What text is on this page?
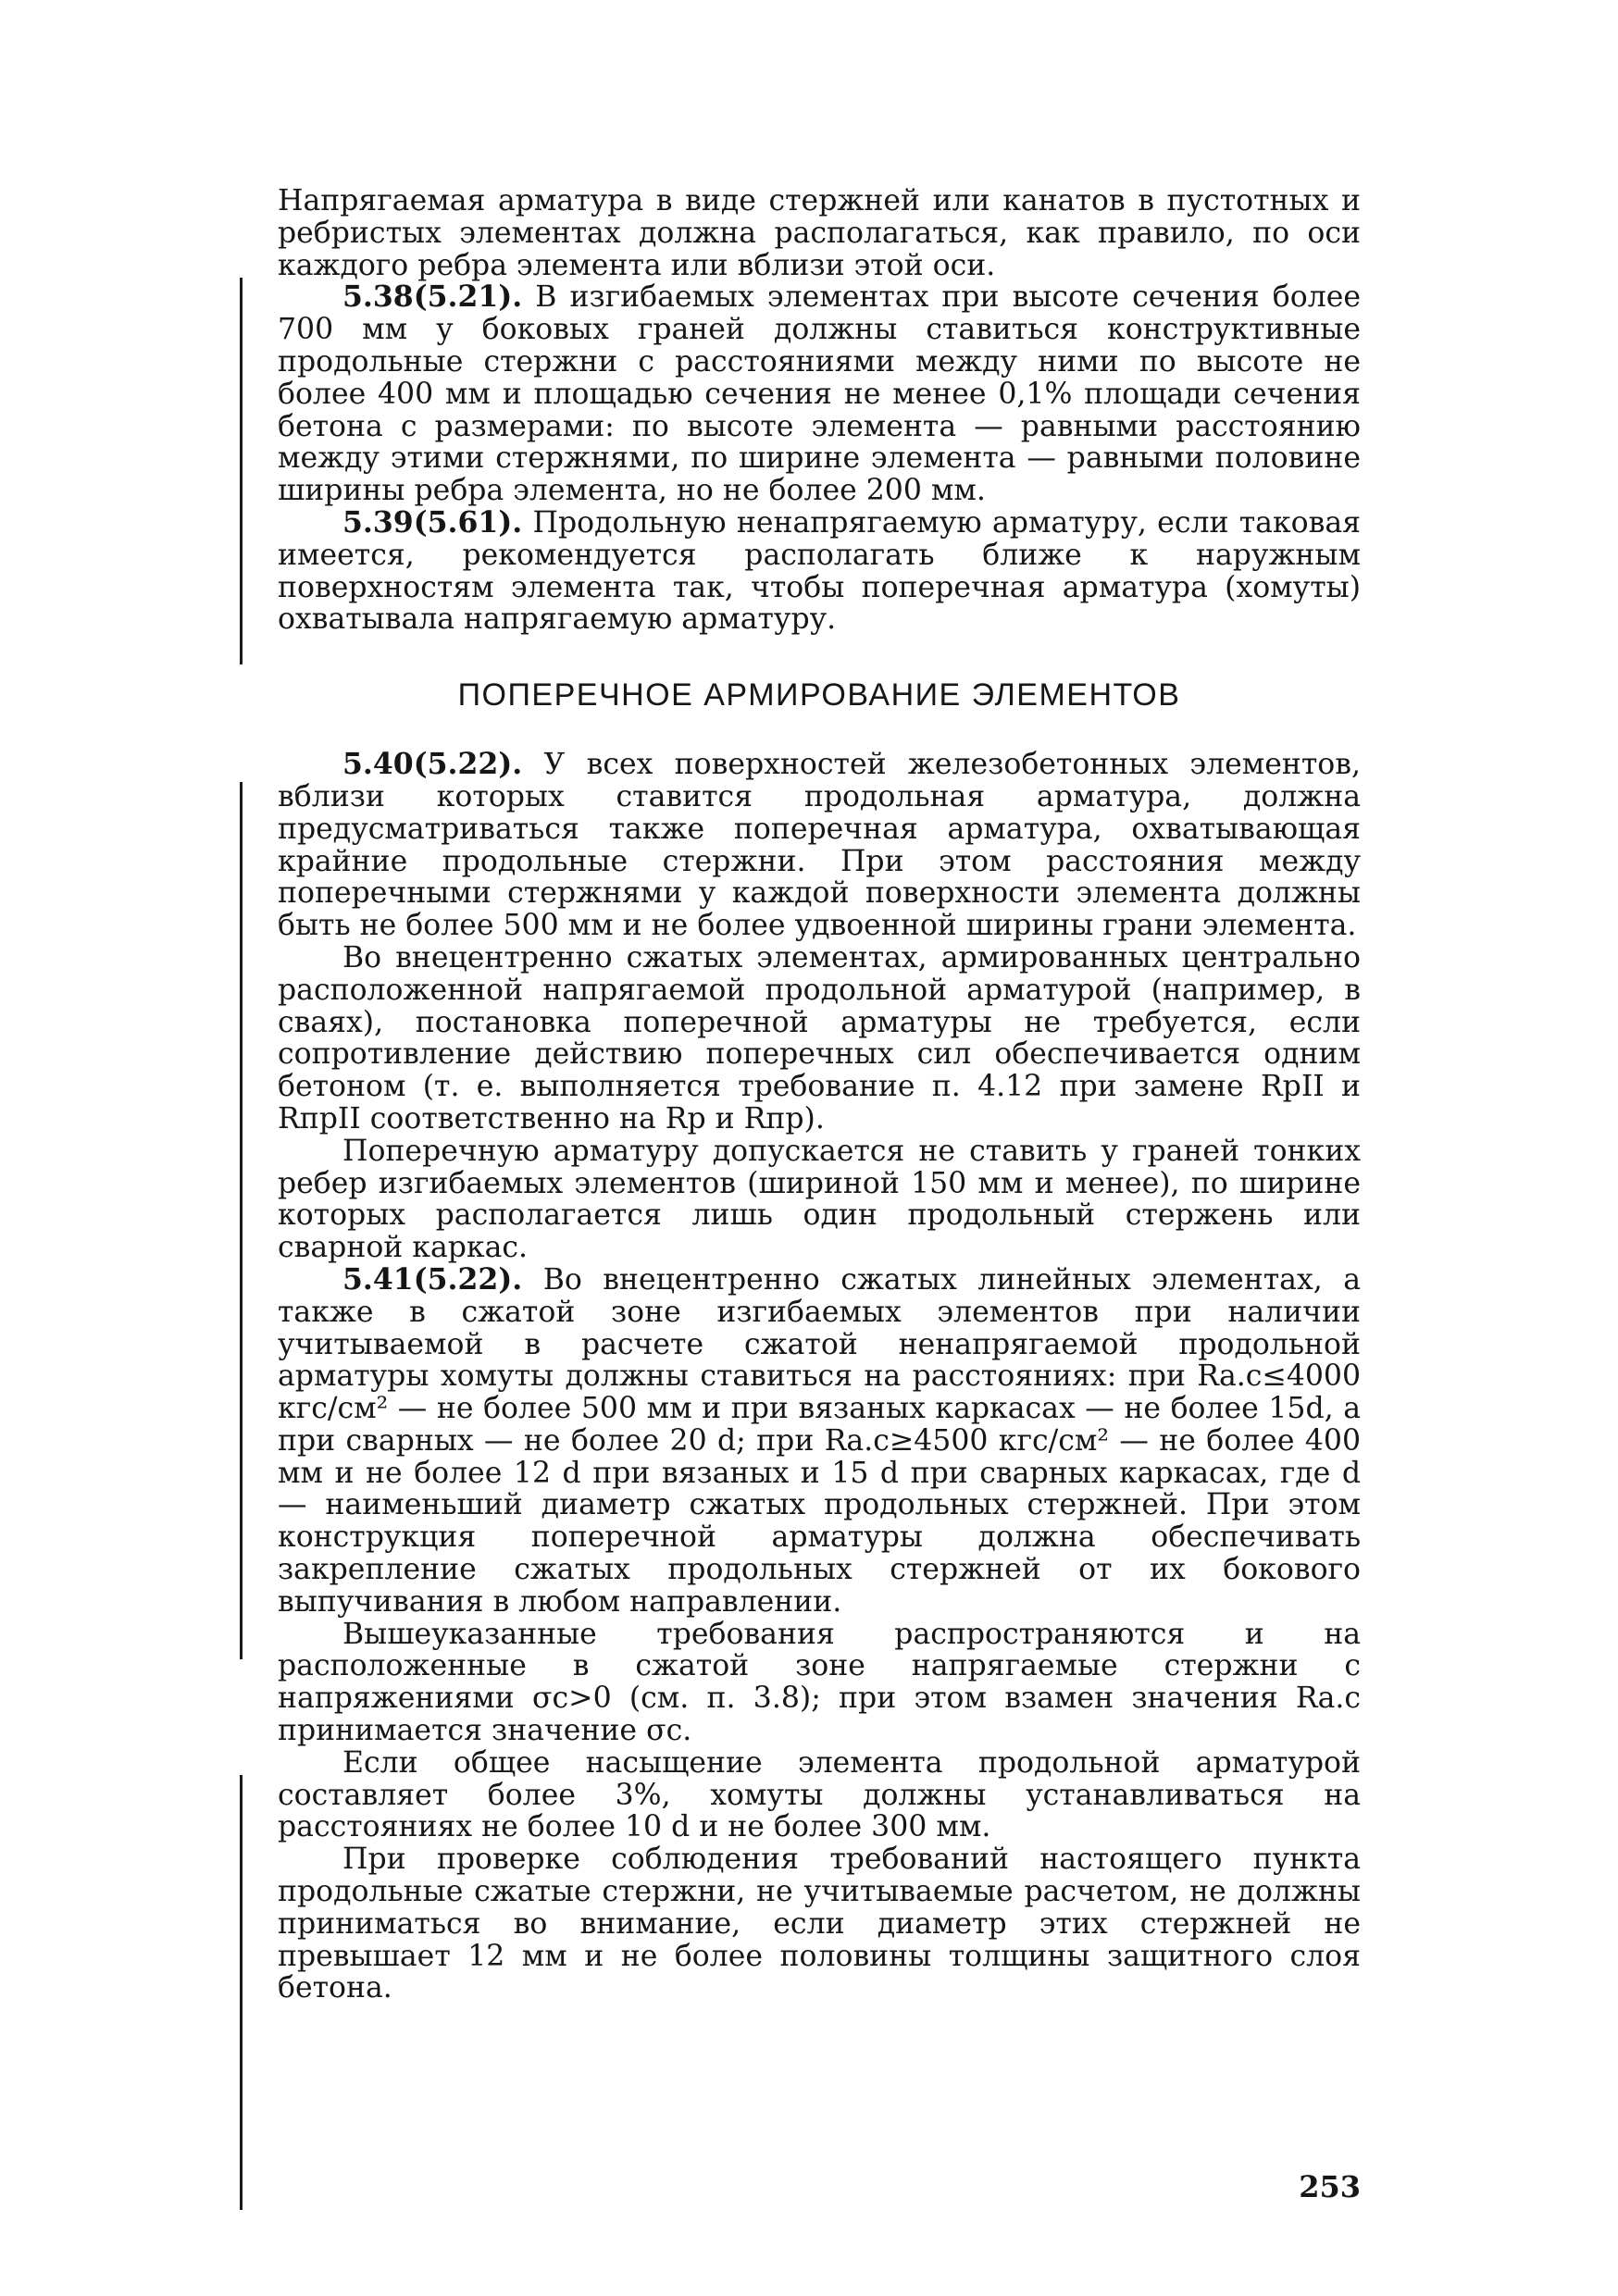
Напрягаемая арматура в виде стержней или канатов в пустотных и ребристых элементах должна располагаться, как правило, по оси каждого ребра элемента или вблизи этой оси.

5.38(5.21). В изгибаемых элементах при высоте сечения более 700 мм у боковых граней должны ставиться конструктивные продольные стержни с расстояниями между ними по высоте не более 400 мм и площадью сечения не менее 0,1% площади сечения бетона с размерами: по высоте элемента — равными расстоянию между этими стержнями, по ширине элемента — равными половине ширины ребра элемента, но не более 200 мм.

5.39(5.61). Продольную ненапрягаемую арматуру, если таковая имеется, рекомендуется располагать ближе к наружным поверхностям элемента так, чтобы поперечная арматура (хомуты) охватывала напрягаемую арматуру.

ПОПЕРЕЧНОЕ АРМИРОВАНИЕ ЭЛЕМЕНТОВ

5.40(5.22). У всех поверхностей железобетонных элементов, вблизи которых ставится продольная арматура, должна предусматриваться также поперечная арматура, охватывающая крайние продольные стержни. При этом расстояния между поперечными стержнями у каждой поверхности элемента должны быть не более 500 мм и не более удвоенной ширины грани элемента.

Во внецентренно сжатых элементах, армированных центрально расположенной напрягаемой продольной арматурой (например, в сваях), постановка поперечной арматуры не требуется, если сопротивление действию поперечных сил обеспечивается одним бетоном (т. е. выполняется требование п. 4.12 при замене RpII и RпрII соответственно на Rp и Rпр).

Поперечную арматуру допускается не ставить у граней тонких ребер изгибаемых элементов (шириной 150 мм и менее), по ширине которых располагается лишь один продольный стержень или сварной каркас.

5.41(5.22). Во внецентренно сжатых линейных элементах, а также в сжатой зоне изгибаемых элементов при наличии учитываемой в расчете сжатой ненапрягаемой продольной арматуры хомуты должны ставиться на расстояниях: при Rа.с≤4000 кгс/см² — не более 500 мм и при вязаных каркасах — не более 15d, а при сварных — не более 20 d; при Rа.с≥4500 кгс/см² — не более 400 мм и не более 12 d при вязаных и 15 d при сварных каркасах, где d — наименьший диаметр сжатых продольных стержней. При этом конструкция поперечной арматуры должна обеспечивать закрепление сжатых продольных стержней от их бокового выпучивания в любом направлении.

Вышеуказанные требования распространяются и на расположенные в сжатой зоне напрягаемые стержни с напряжениями σс>0 (см. п. 3.8); при этом взамен значения Rа.с принимается значение σс.

Если общее насыщение элемента продольной арматурой составляет более 3%, хомуты должны устанавливаться на расстояниях не более 10 d и не более 300 мм.

При проверке соблюдения требований настоящего пункта продольные сжатые стержни, не учитываемые расчетом, не должны приниматься во внимание, если диаметр этих стержней не превышает 12 мм и не более половины толщины защитного слоя бетона.

253
